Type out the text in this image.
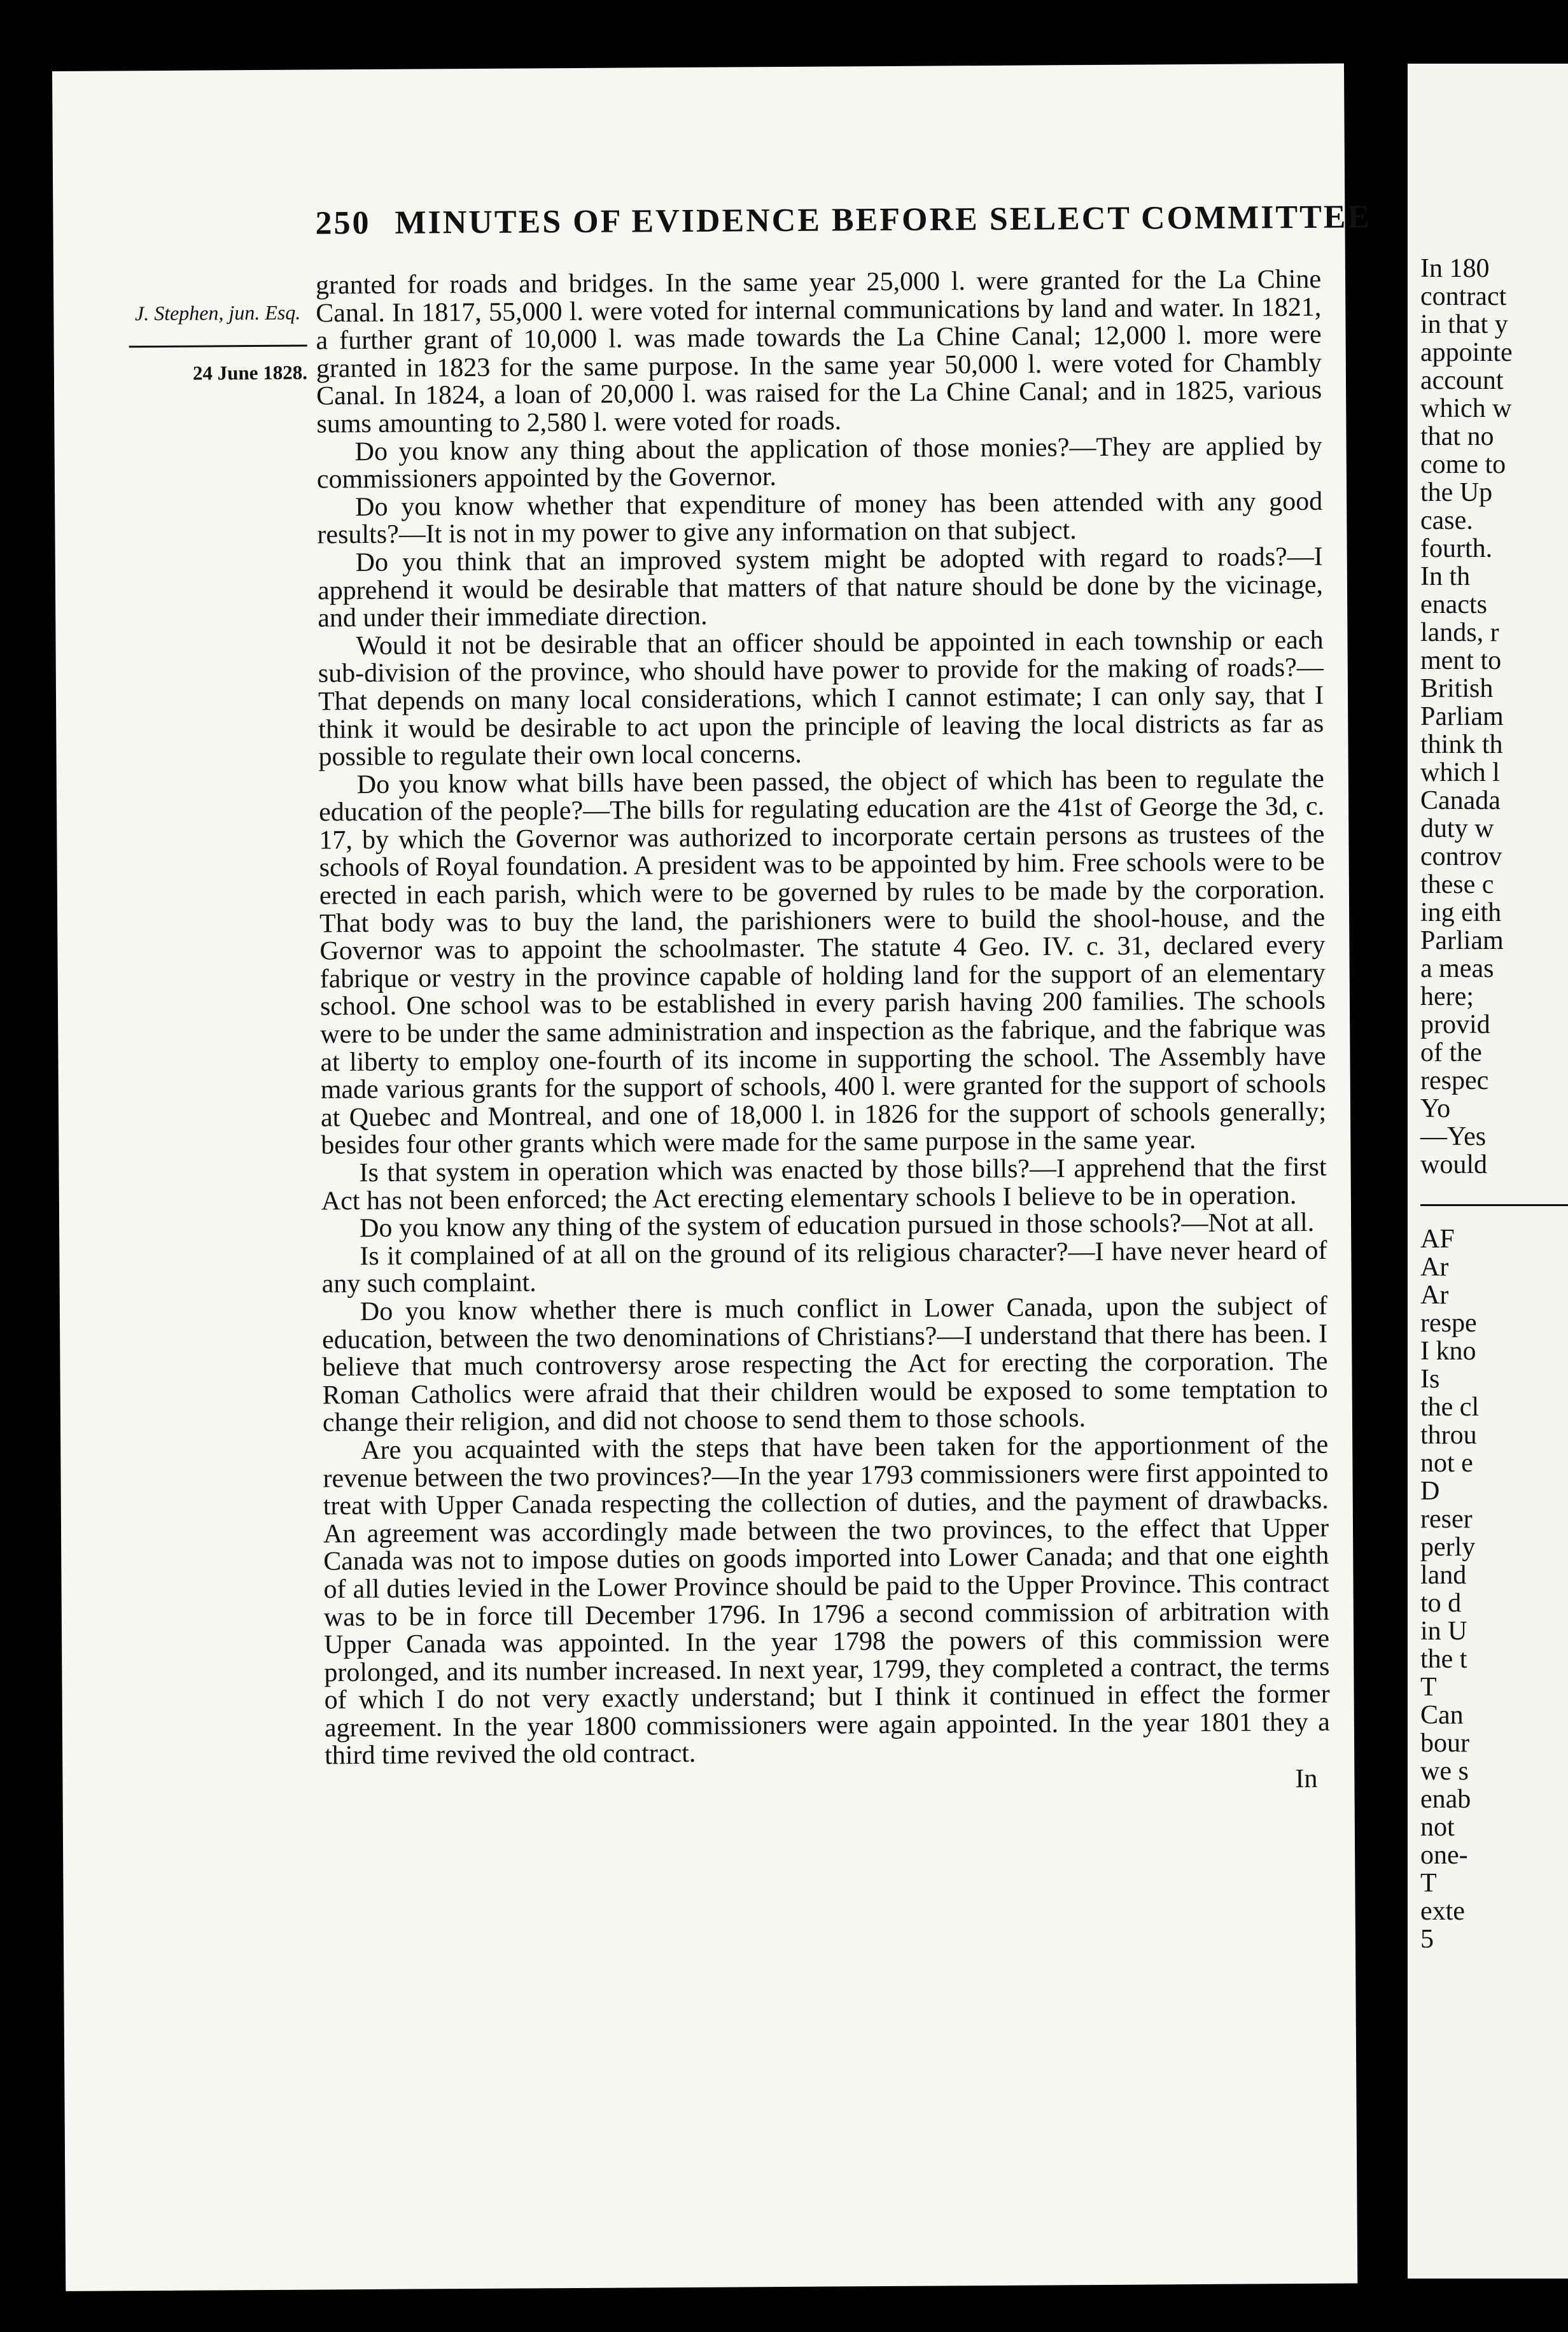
250 MINUTES OF EVIDENCE BEFORE SELECT COMMITTEE
J. Stephen, jun. Esq.
24 June 1828.

granted for roads and bridges. In the same year 25,000 l. were granted for the La Chine Canal. In 1817, 55,000 l. were voted for internal communications by land and water. In 1821, a further grant of 10,000 l. was made towards the La Chine Canal; 12,000 l. more were granted in 1823 for the same purpose. In the same year 50,000 l. were voted for Chambly Canal. In 1824, a loan of 20,000 l. was raised for the La Chine Canal; and in 1825, various sums amounting to 2,580 l. were voted for roads.

Do you know any thing about the application of those monies?—They are applied by commissioners appointed by the Governor.

Do you know whether that expenditure of money has been attended with any good results?—It is not in my power to give any information on that subject.

Do you think that an improved system might be adopted with regard to roads?—I apprehend it would be desirable that matters of that nature should be done by the vicinage, and under their immediate direction.

Would it not be desirable that an officer should be appointed in each township or each sub-division of the province, who should have power to provide for the making of roads?—That depends on many local considerations, which I cannot estimate; I can only say, that I think it would be desirable to act upon the principle of leaving the local districts as far as possible to regulate their own local concerns.

Do you know what bills have been passed, the object of which has been to regulate the education of the people?—The bills for regulating education are the 41st of George the 3d, c. 17, by which the Governor was authorized to incorporate certain persons as trustees of the schools of Royal foundation. A president was to be appointed by him. Free schools were to be erected in each parish, which were to be governed by rules to be made by the corporation. That body was to buy the land, the parishioners were to build the shool-house, and the Governor was to appoint the schoolmaster. The statute 4 Geo. IV. c. 31, declared every fabrique or vestry in the province capable of holding land for the support of an elementary school. One school was to be established in every parish having 200 families. The schools were to be under the same administration and inspection as the fabrique, and the fabrique was at liberty to employ one-fourth of its income in supporting the school. The Assembly have made various grants for the support of schools, 400 l. were granted for the support of schools at Quebec and Montreal, and one of 18,000 l. in 1826 for the support of schools generally; besides four other grants which were made for the same purpose in the same year.

Is that system in operation which was enacted by those bills?—I apprehend that the first Act has not been enforced; the Act erecting elementary schools I believe to be in operation.

Do you know any thing of the system of education pursued in those schools?—Not at all.

Is it complained of at all on the ground of its religious character?—I have never heard of any such complaint.

Do you know whether there is much conflict in Lower Canada, upon the subject of education, between the two denominations of Christians?—I understand that there has been. I believe that much controversy arose respecting the Act for erecting the corporation. The Roman Catholics were afraid that their children would be exposed to some temptation to change their religion, and did not choose to send them to those schools.

Are you acquainted with the steps that have been taken for the apportionment of the revenue between the two provinces?—In the year 1793 commissioners were first appointed to treat with Upper Canada respecting the collection of duties, and the payment of drawbacks. An agreement was accordingly made between the two provinces, to the effect that Upper Canada was not to impose duties on goods imported into Lower Canada; and that one eighth of all duties levied in the Lower Province should be paid to the Upper Province. This contract was to be in force till December 1796. In 1796 a second commission of arbitration with Upper Canada was appointed. In the year 1798 the powers of this commission were prolonged, and its number increased. In next year, 1799, they completed a contract, the terms of which I do not very exactly understand; but I think it continued in effect the former agreement. In the year 1800 commissioners were again appointed. In the year 1801 they a third time revived the old contract.

In
In 180
contract
in that y
appointe
account
which w
that no
come to
the Up
case.
fourth.
In th
enacts
lands, r
ment to
British
Parliam
think th
which l
Canada
duty w
controv
these c
ing eith
Parliam
a meas
here;
provid
of the
respec
Yo
—Yes
would
AF
Ar
Ar
respe
I kno
Is
the cl
throu
not e
D
reser
perly
land
to d
in U
the t
T
Can
bour
we s
enab
not
one-
T
exte
5
